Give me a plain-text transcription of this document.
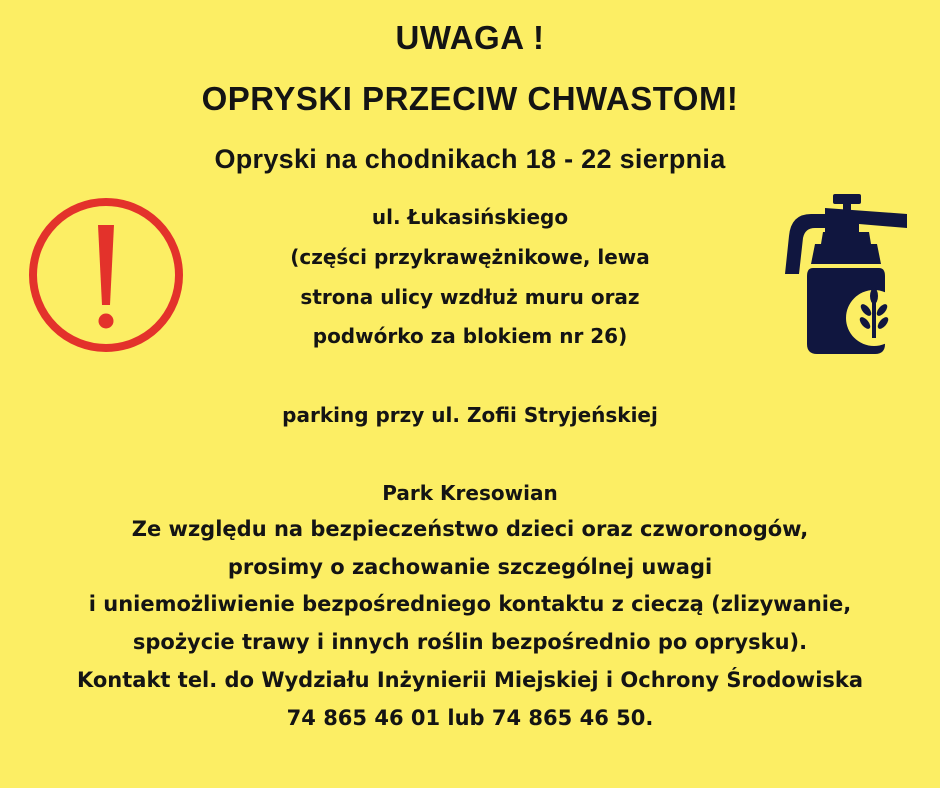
UWAGA !
OPRYSKI PRZECIW CHWASTOM!
Opryski na chodnikach 18 - 22 sierpnia
ul. Łukasińskiego
(części przykrawężnikowe, lewa
strona ulicy wzdłuż muru oraz
podwórko za blokiem nr 26)
parking przy ul. Zofii Stryjeńskiej
Park Kresowian
Ze względu na bezpieczeństwo dzieci oraz czworonogów,
prosimy o zachowanie szczególnej uwagi
i uniemożliwienie bezpośredniego kontaktu z cieczą (zlizywanie,
spożycie trawy i innych roślin bezpośrednio po oprysku).
Kontakt tel. do Wydziału Inżynierii Miejskiej i Ochrony Środowiska
74 865 46 01 lub 74 865 46 50.
